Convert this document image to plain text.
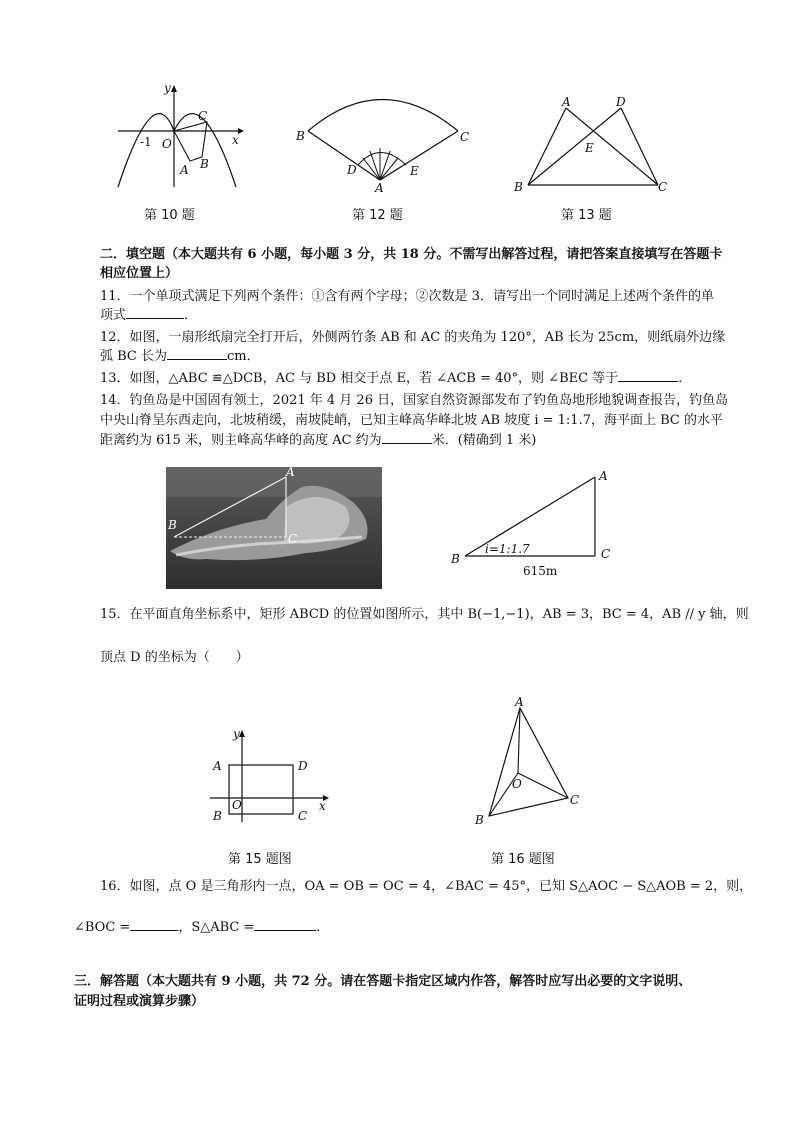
y
x
C
-1 O
B
A
第 10 题
B	C
D	E
A
第 12 题
A	D
E
B	C
第 13 题
二．填空题（本大题共有 6 小题，每小题 3 分，共 18 分。不需写出解答过程，请把答案直接填写在答题卡
相应位置上）
11．一个单项式满足下列两个条件：①含有两个字母；②次数是 3．请写出一个同时满足上述两个条件的单
项式	．
12．如图，一扇形纸扇完全打开后，外侧两竹条 AB 和 AC 的夹角为 120°，AB 长为 25cm，则纸扇外边缘
弧 BC 长为	cm．
13．如图，△ABC ≌△DCB，AC 与 BD 相交于点 E，若 ∠ACB = 40°，则 ∠BEC 等于	．
14．钓鱼岛是中国固有领土，2021 年 4 月 26 日，国家自然资源部发布了钓鱼岛地形地貌调查报告，钓鱼岛
中央山脊呈东西走向，北坡稍缓，南坡陡峭，已知主峰高华峰北坡 AB 坡度 i = 1:1.7，海平面上 BC 的水平
距离约为 615 米，则主峰高华峰的高度 AC 约为	米．(精确到 1 米)
A
B
C
A
B	C
i=1:1.7
615m
15．在平面直角坐标系中，矩形 ABCD 的位置如图所示，其中 B(−1,−1)，AB = 3，BC = 4，AB // y 轴，则
顶点 D 的坐标为（　　）
y
A	D
O	x
B	C
第 15 题图
A
O
C
B
第 16 题图
16．如图，点 O 是三角形内一点，OA = OB = OC = 4，∠BAC = 45°，已知 S△AOC − S△AOB = 2，则，
∠BOC =	，S△ABC =	．
三．解答题（本大题共有 9 小题，共 72 分。请在答题卡指定区域内作答，解答时应写出必要的文字说明、
证明过程或演算步骤）
